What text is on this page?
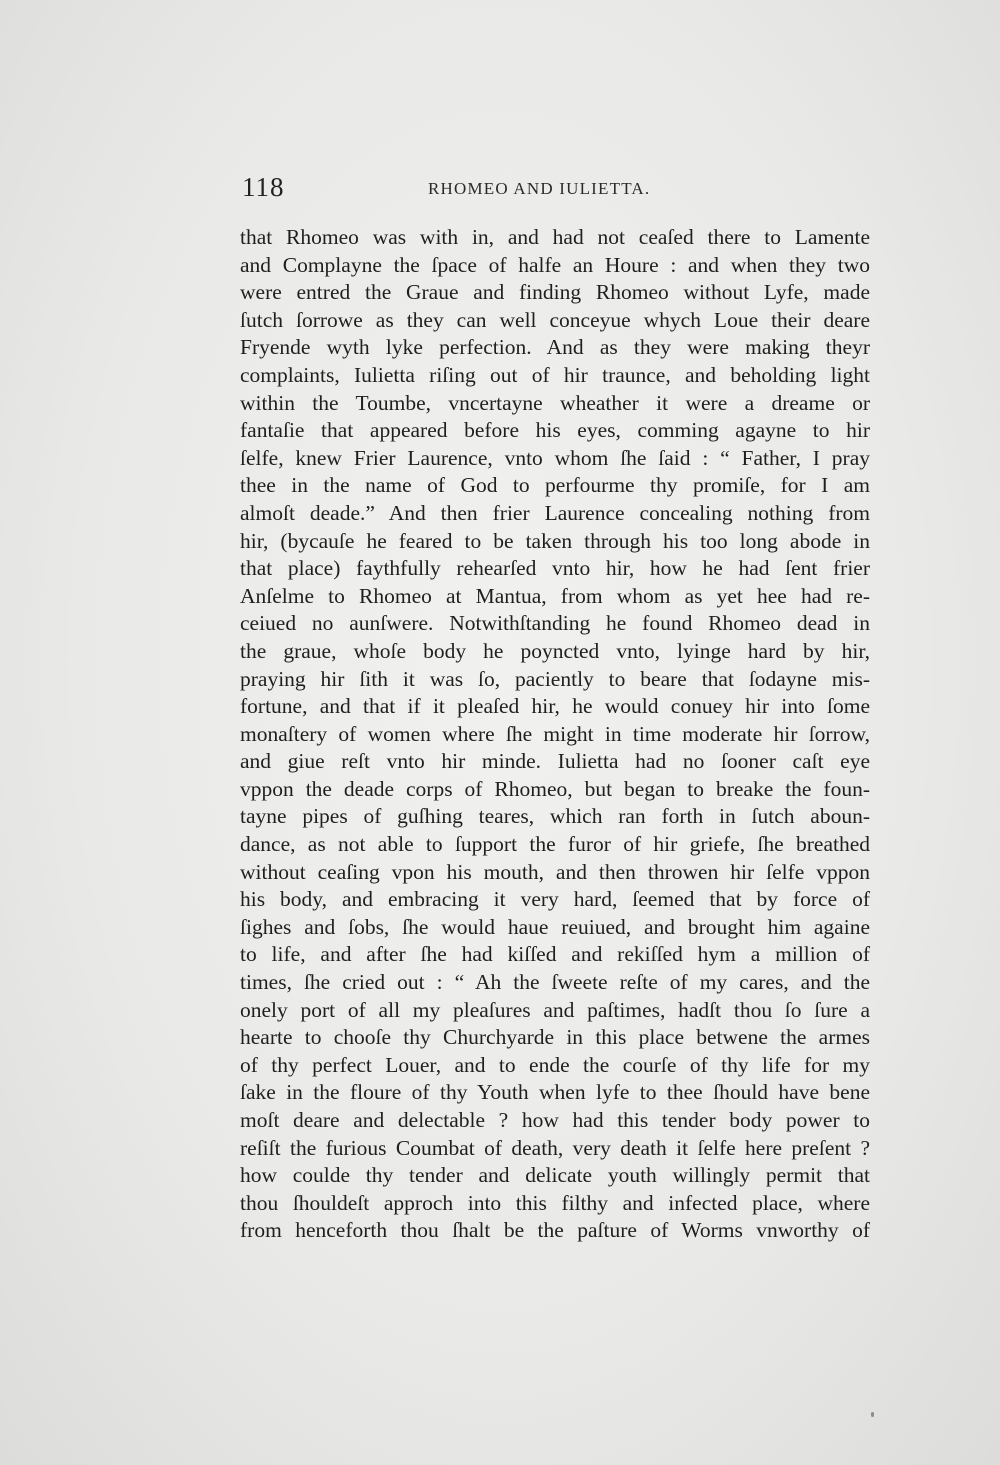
118	RHOMEO AND IULIETTA.
that Rhomeo was with in, and had not ceaſed there to Lamente
and Complayne the ſpace of halfe an Houre : and when they two
were entred the Graue and finding Rhomeo without Lyfe, made
ſutch ſorrowe as they can well conceyue whych Loue their deare
Fryende wyth lyke perfection. And as they were making theyr
complaints, Iulietta riſing out of hir traunce, and beholding light
within the Toumbe, vncertayne wheather it were a dreame or
fantaſie that appeared before his eyes, comming agayne to hir
ſelfe, knew Frier Laurence, vnto whom ſhe ſaid : “ Father, I pray
thee in the name of God to perfourme thy promiſe, for I am
almoſt deade.” And then frier Laurence concealing nothing from
hir, (bycauſe he feared to be taken through his too long abode in
that place) faythfully rehearſed vnto hir, how he had ſent frier
Anſelme to Rhomeo at Mantua, from whom as yet hee had re-
ceiued no aunſwere. Notwithſtanding he found Rhomeo dead in
the graue, whoſe body he poyncted vnto, lyinge hard by hir,
praying hir ſith it was ſo, paciently to beare that ſodayne mis-
fortune, and that if it pleaſed hir, he would conuey hir into ſome
monaſtery of women where ſhe might in time moderate hir ſorrow,
and giue reſt vnto hir minde. Iulietta had no ſooner caſt eye
vppon the deade corps of Rhomeo, but began to breake the foun-
tayne pipes of guſhing teares, which ran forth in ſutch aboun-
dance, as not able to ſupport the furor of hir griefe, ſhe breathed
without ceaſing vpon his mouth, and then throwen hir ſelfe vppon
his body, and embracing it very hard, ſeemed that by force of
ſighes and ſobs, ſhe would haue reuiued, and brought him againe
to life, and after ſhe had kiſſed and rekiſſed hym a million of
times, ſhe cried out : “ Ah the ſweete reſte of my cares, and the
onely port of all my pleaſures and paſtimes, hadſt thou ſo ſure a
hearte to chooſe thy Churchyarde in this place betwene the armes
of thy perfect Louer, and to ende the courſe of thy life for my
ſake in the floure of thy Youth when lyfe to thee ſhould have bene
moſt deare and delectable ? how had this tender body power to
reſiſt the furious Coumbat of death, very death it ſelfe here preſent ?
how coulde thy tender and delicate youth willingly permit that
thou ſhouldeſt approch into this filthy and infected place, where
from henceforth thou ſhalt be the paſture of Worms vnworthy of
